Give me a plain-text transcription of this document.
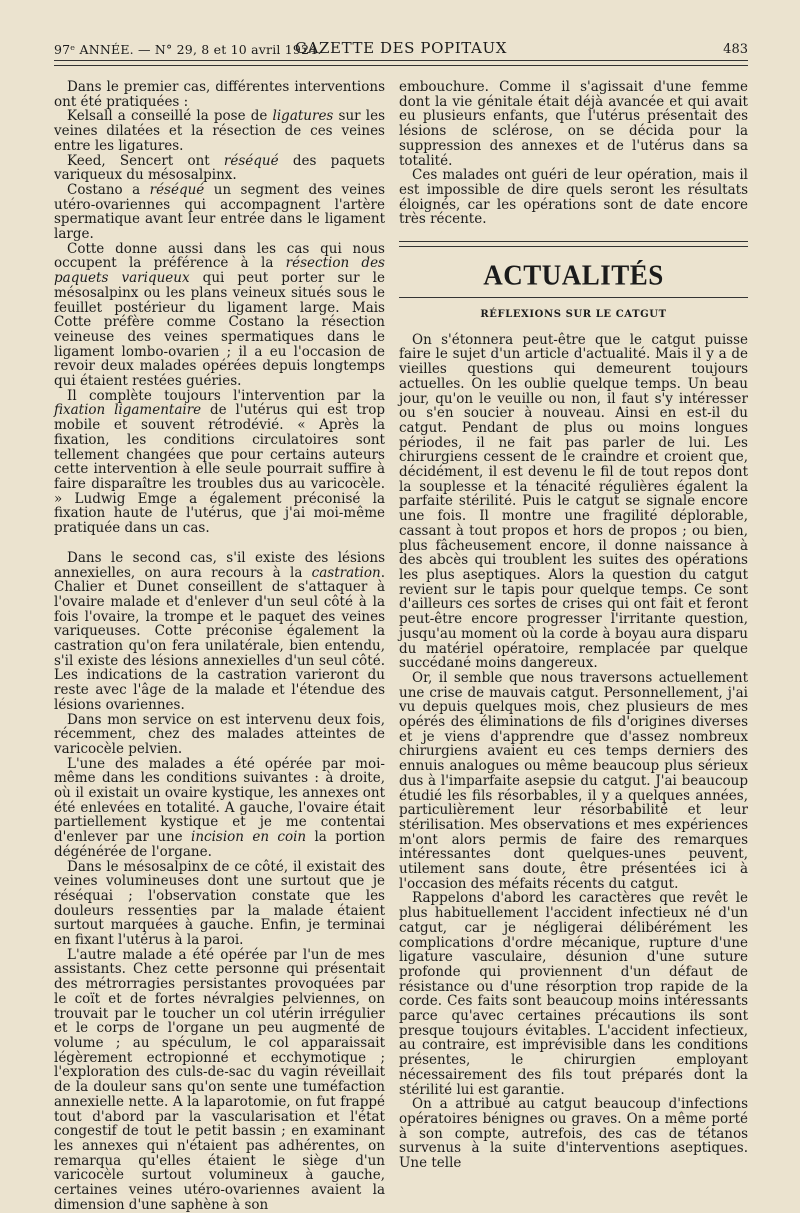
97ᵉ ANNÉE. — N° 29, 8 et 10 avril 1924.
GAZETTE DES POPITAUX	483

Dans le premier cas, différentes interventions ont été pratiquées :

Kelsall a conseillé la pose de ligatures sur les veines dilatées et la résection de ces veines entre les ligatures.

Keed, Sencert ont réséqué des paquets variqueux du mésosalpinx.

Costano a réséqué un segment des veines utéro-ovariennes qui accompagnent l'artère spermatique avant leur entrée dans le ligament large.

Cotte donne aussi dans les cas qui nous occupent la préférence à la résection des paquets variqueux qui peut porter sur le mésosalpinx ou les plans veineux situés sous le feuillet postérieur du ligament large. Mais Cotte préfère comme Costano la résection veineuse des veines spermatiques dans le ligament lombo-ovarien ; il a eu l'occasion de revoir deux malades opérées depuis longtemps qui étaient restées guéries.

Il complète toujours l'intervention par la fixation ligamentaire de l'utérus qui est trop mobile et souvent rétrodévié. « Après la fixation, les conditions circulatoires sont tellement changées que pour certains auteurs cette intervention à elle seule pourrait suffire à faire disparaître les troubles dus au varicocèle. » Ludwig Emge a également préconisé la fixation haute de l'utérus, que j'ai moi-même pratiquée dans un cas.

Dans le second cas, s'il existe des lésions annexielles, on aura recours à la castration. Chalier et Dunet conseillent de s'attaquer à l'ovaire malade et d'enlever d'un seul côté à la fois l'ovaire, la trompe et le paquet des veines variqueuses. Cotte préconise également la castration qu'on fera unilatérale, bien entendu, s'il existe des lésions annexielles d'un seul côté. Les indications de la castration varieront du reste avec l'âge de la malade et l'étendue des lésions ovariennes.

Dans mon service on est intervenu deux fois, récemment, chez des malades atteintes de varicocèle pelvien.

L'une des malades a été opérée par moi-même dans les conditions suivantes : à droite, où il existait un ovaire kystique, les annexes ont été enlevées en totalité. A gauche, l'ovaire était partiellement kystique et je me contentai d'enlever par une incision en coin la portion dégénérée de l'organe.

Dans le mésosalpinx de ce côté, il existait des veines volumineuses dont une surtout que je réséquai ; l'observation constate que les douleurs ressenties par la malade étaient surtout marquées à gauche. Enfin, je terminai en fixant l'utérus à la paroi.

L'autre malade a été opérée par l'un de mes assistants. Chez cette personne qui présentait des métrorragies persistantes provoquées par le coït et de fortes névralgies pelviennes, on trouvait par le toucher un col utérin irrégulier et le corps de l'organe un peu augmenté de volume ; au spéculum, le col apparaissait légèrement ectropionné et ecchymotique ; l'exploration des culs-de-sac du vagin réveillait de la douleur sans qu'on sente une tuméfaction annexielle nette. A la laparotomie, on fut frappé tout d'abord par la vascularisation et l'état congestif de tout le petit bassin ; en examinant les annexes qui n'étaient pas adhérentes, on remarqua qu'elles étaient le siège d'un varicocèle surtout volumineux à gauche, certaines veines utéro-ovariennes avaient la dimension d'une saphène à son

embouchure. Comme il s'agissait d'une femme dont la vie génitale était déjà avancée et qui avait eu plusieurs enfants, que l'utérus présentait des lésions de sclérose, on se décida pour la suppression des annexes et de l'utérus dans sa totalité.

Ces malades ont guéri de leur opération, mais il est impossible de dire quels seront les résultats éloignés, car les opérations sont de date encore très récente.

ACTUALITÉS
RÉFLEXIONS SUR LE CATGUT

On s'étonnera peut-être que le catgut puisse faire le sujet d'un article d'actualité. Mais il y a de vieilles questions qui demeurent toujours actuelles. On les oublie quelque temps. Un beau jour, qu'on le veuille ou non, il faut s'y intéresser ou s'en soucier à nouveau. Ainsi en est-il du catgut. Pendant de plus ou moins longues périodes, il ne fait pas parler de lui. Les chirurgiens cessent de le craindre et croient que, décidément, il est devenu le fil de tout repos dont la souplesse et la ténacité régulières égalent la parfaite stérilité. Puis le catgut se signale encore une fois. Il montre une fragilité déplorable, cassant à tout propos et hors de propos ; ou bien, plus fâcheusement encore, il donne naissance à des abcès qui troublent les suites des opérations les plus aseptiques. Alors la question du catgut revient sur le tapis pour quelque temps. Ce sont d'ailleurs ces sortes de crises qui ont fait et feront peut-être encore progresser l'irritante question, jusqu'au moment où la corde à boyau aura disparu du matériel opératoire, remplacée par quelque succédané moins dangereux.

Or, il semble que nous traversons actuellement une crise de mauvais catgut. Personnellement, j'ai vu depuis quelques mois, chez plusieurs de mes opérés des éliminations de fils d'origines diverses et je viens d'apprendre que d'assez nombreux chirurgiens avaient eu ces temps derniers des ennuis analogues ou même beaucoup plus sérieux dus à l'imparfaite asepsie du catgut. J'ai beaucoup étudié les fils résorbables, il y a quelques années, particulièrement leur résorbabilité et leur stérilisation. Mes observations et mes expériences m'ont alors permis de faire des remarques intéressantes dont quelques-unes peuvent, utilement sans doute, être présentées ici à l'occasion des méfaits récents du catgut.

Rappelons d'abord les caractères que revêt le plus habituellement l'accident infectieux né d'un catgut, car je négligerai délibérément les complications d'ordre mécanique, rupture d'une ligature vasculaire, désunion d'une suture profonde qui proviennent d'un défaut de résistance ou d'une résorption trop rapide de la corde. Ces faits sont beaucoup moins intéressants parce qu'avec certaines précautions ils sont presque toujours évitables. L'accident infectieux, au contraire, est imprévisible dans les conditions présentes, le chirurgien employant nécessairement des fils tout préparés dont la stérilité lui est garantie.

On a attribué au catgut beaucoup d'infections opératoires bénignes ou graves. On a même porté à son compte, autrefois, des cas de tétanos survenus à la suite d'interventions aseptiques. Une telle
